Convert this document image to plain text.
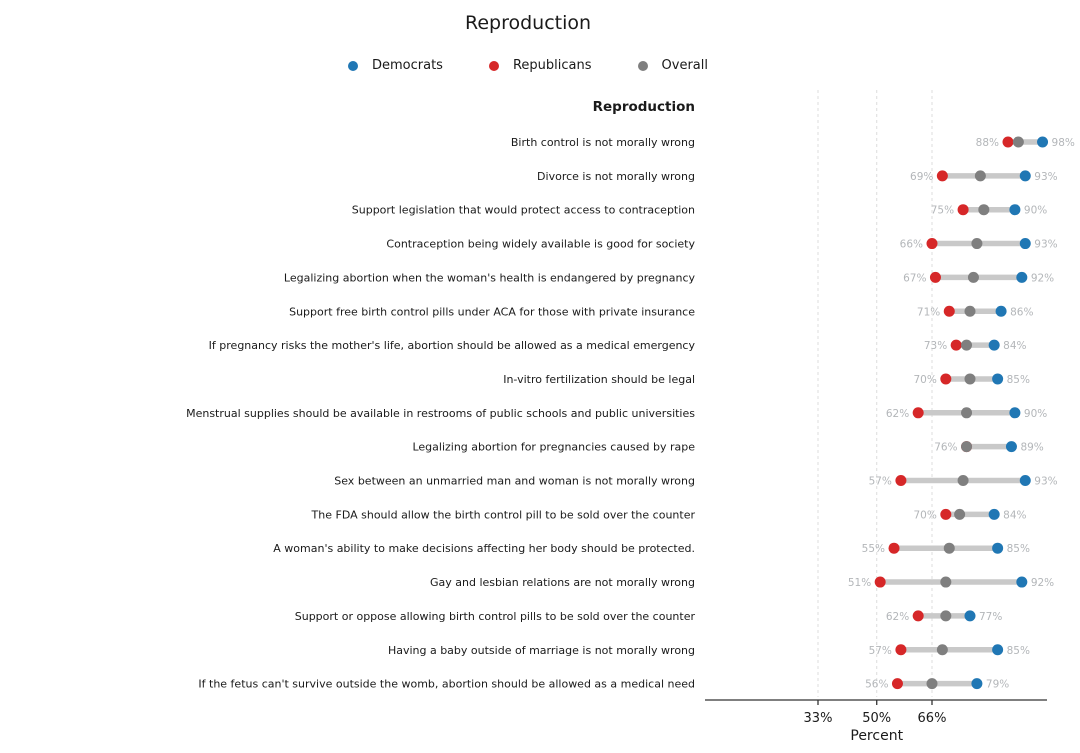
Reproduction
Democrats	Republicans	Overall
Reproduction
33% 50% 66%
Percent
Birth control is not morally wrong	88%	98%
Divorce is not morally wrong	69%	93%
Support legislation that would protect access to contraception	75%	90%
Contraception being widely available is good for society	66%	93%
Legalizing abortion when the woman's health is endangered by pregnancy	67%	92%
Support free birth control pills under ACA for those with private insurance	71%	86%
If pregnancy risks the mother's life, abortion should be allowed as a medical emergency	73%	84%
In-vitro fertilization should be legal	70%	85%
Menstrual supplies should be available in restrooms of public schools and public universities	62%	90%
Legalizing abortion for pregnancies caused by rape	76%	89%
Sex between an unmarried man and woman is not morally wrong	57%	93%
The FDA should allow the birth control pill to be sold over the counter	70%	84%
A woman's ability to make decisions affecting her body should be protected.	55%	85%
Gay and lesbian relations are not morally wrong	51%	92%
Support or oppose allowing birth control pills to be sold over the counter	62%	77%
Having a baby outside of marriage is not morally wrong	57%	85%
If the fetus can't survive outside the womb, abortion should be allowed as a medical need	56%	79%
